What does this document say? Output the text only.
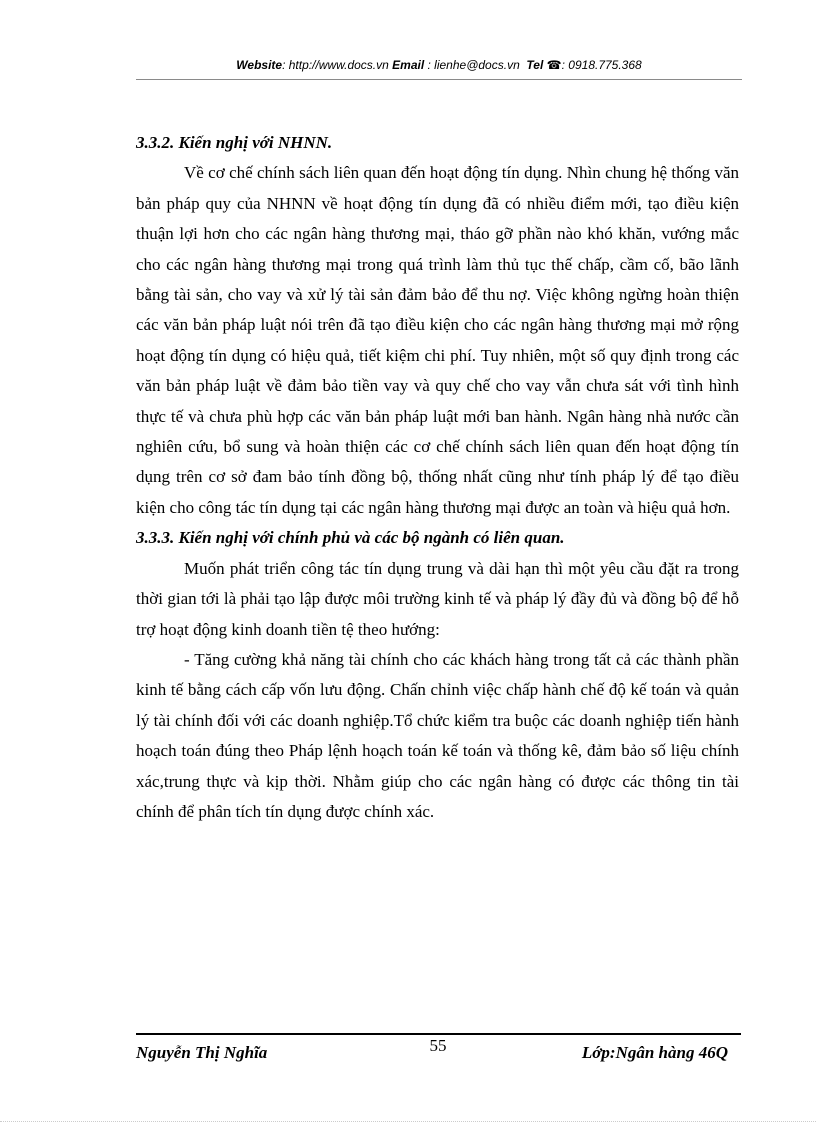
Website: http://www.docs.vn Email : lienhe@docs.vn Tel ☎: 0918.775.368

3.3.2. Kiến nghị với NHNN.

Về cơ chế chính sách liên quan đến hoạt động tín dụng. Nhìn chung hệ thống văn bản pháp quy của NHNN về hoạt động tín dụng đã có nhiều điểm mới, tạo điều kiện thuận lợi hơn cho các ngân hàng thương mại, tháo gỡ phần nào khó khăn, vướng mắc cho các ngân hàng thương mại trong quá trình làm thủ tục thế chấp, cầm cố, bão lãnh bằng tài sản, cho vay và xử lý tài sản đảm bảo để thu nợ. Việc không ngừng hoàn thiện các văn bản pháp luật nói trên đã tạo điều kiện cho các ngân hàng thương mại mở rộng hoạt động tín dụng có hiệu quả, tiết kiệm chi phí. Tuy nhiên, một số quy định trong các văn bản pháp luật về đảm bảo tiền vay và quy chế cho vay vẫn chưa sát với tình hình thực tế và chưa phù hợp các văn bản pháp luật mới ban hành. Ngân hàng nhà nước cần nghiên cứu, bổ sung và hoàn thiện các cơ chế chính sách liên quan đến hoạt động tín dụng trên cơ sở đam bảo tính đồng bộ, thống nhất cũng như tính pháp lý để tạo điều kiện cho công tác tín dụng tại các ngân hàng thương mại được an toàn và hiệu quả hơn.

3.3.3. Kiến nghị với chính phủ và các bộ ngành có liên quan.

Muốn phát triển công tác tín dụng trung và dài hạn thì một yêu cầu đặt ra trong thời gian tới là phải tạo lập được môi trường kinh tế và pháp lý đầy đủ và đồng bộ để hỗ trợ hoạt động kinh doanh tiền tệ theo hướng:

- Tăng cường khả năng tài chính cho các khách hàng trong tất cả các thành phần kinh tế bằng cách cấp vốn lưu động. Chấn chỉnh việc chấp hành chế độ kế toán và quản lý tài chính đối với các doanh nghiệp.Tổ chức kiểm tra buộc các doanh nghiệp tiến hành hoạch toán đúng theo Pháp lệnh hoạch toán kế toán và thống kê, đảm bảo số liệu chính xác,trung thực và kịp thời. Nhằm giúp cho các ngân hàng có được các thông tin tài chính để phân tích tín dụng được chính xác.

Nguyễn Thị Nghĩa	55	Lớp:Ngân hàng 46Q
